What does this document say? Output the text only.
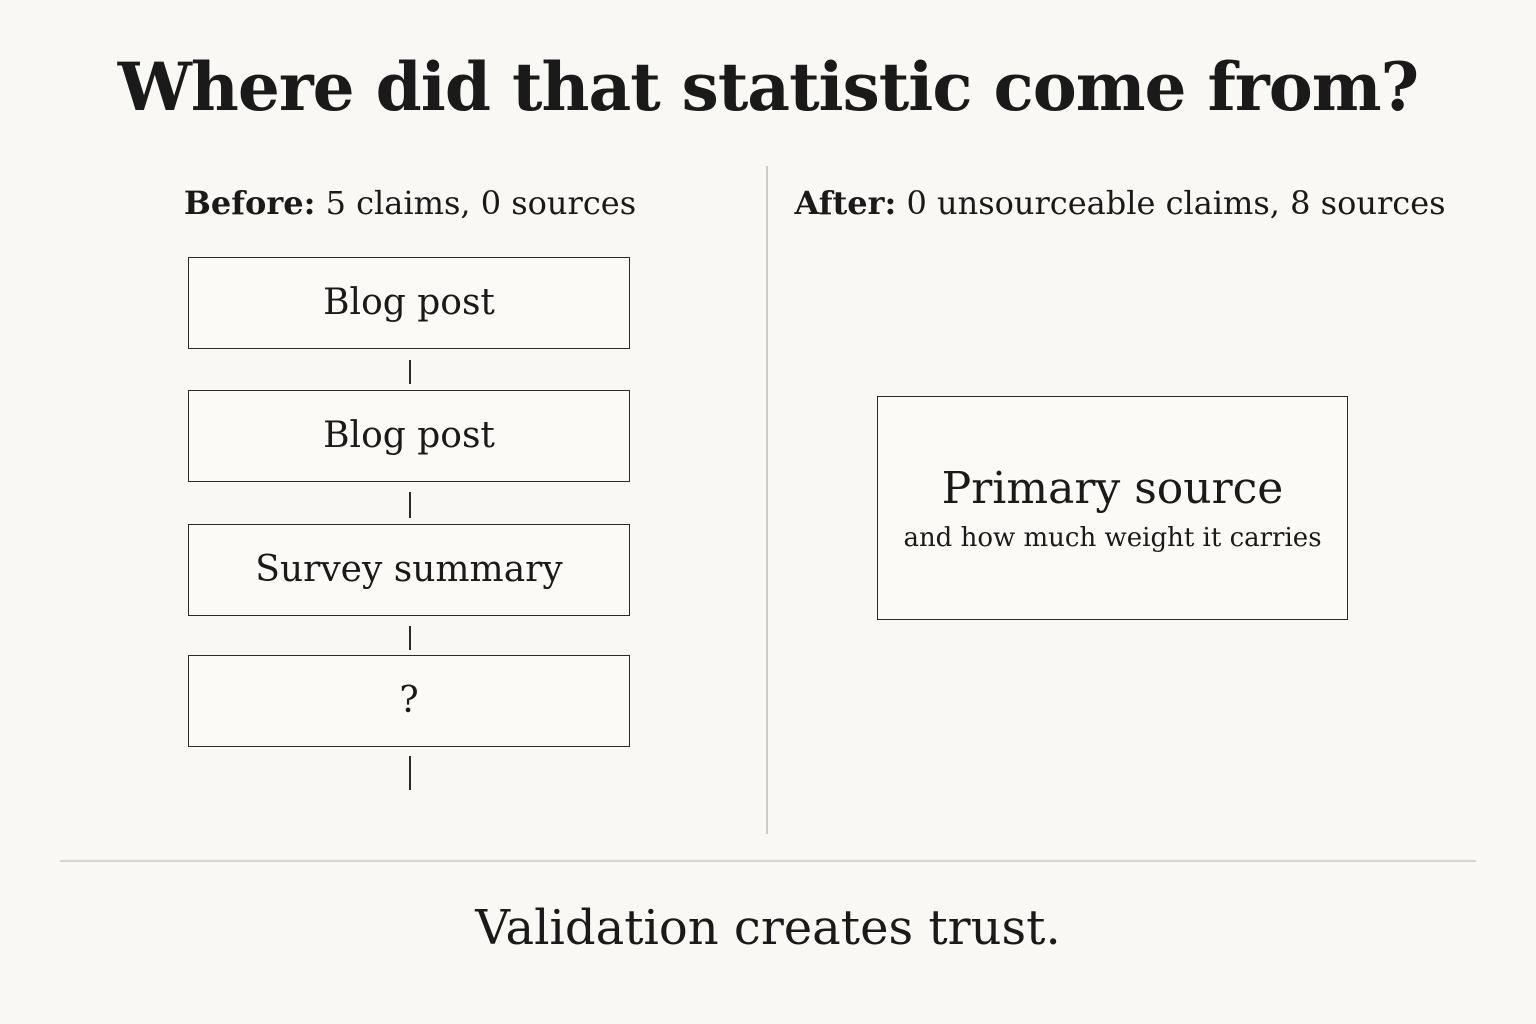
Where did that statistic come from?
Before: 5 claims, 0 sources	After: 0 unsourceable claims, 8 sources
Blog post
Blog post
Survey summary
?
Primary source
and how much weight it carries
Validation creates trust.
